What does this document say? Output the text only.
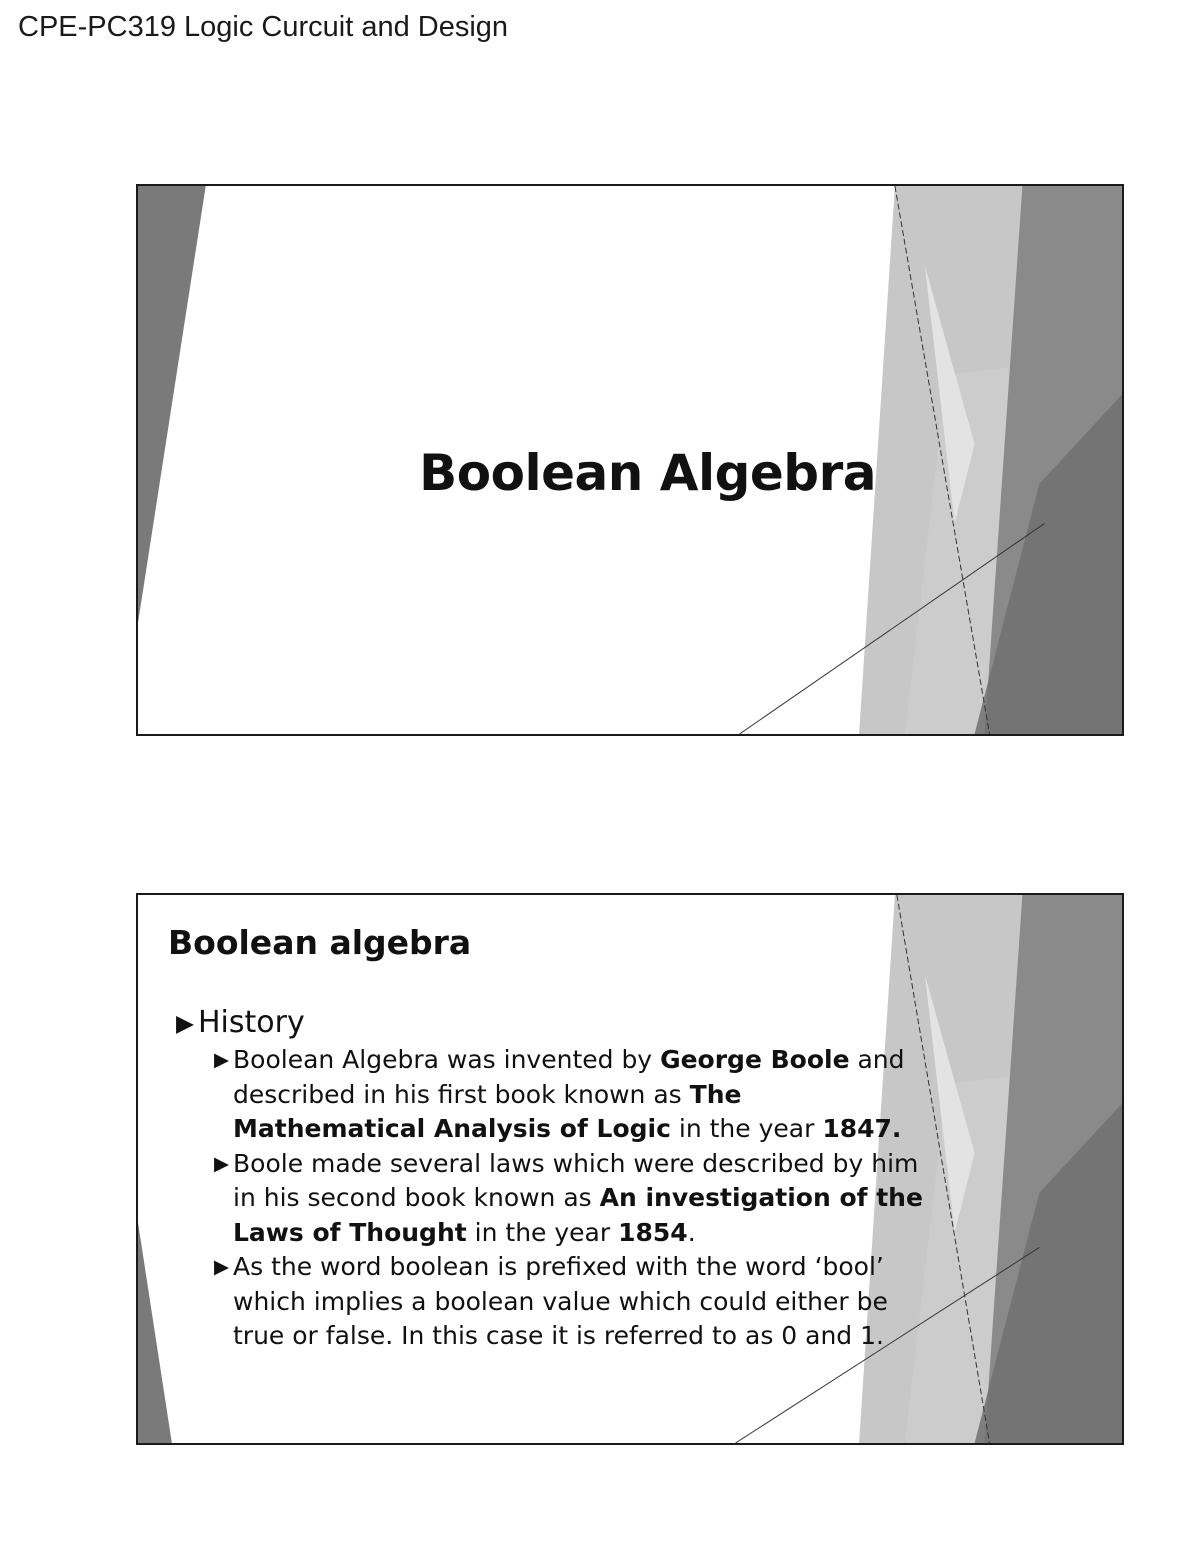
CPE-PC319 Logic Curcuit and Design
Boolean Algebra
Boolean algebra
▶ History
▶ Boolean Algebra was invented by George Boole and described in his first book known as The Mathematical Analysis of Logic in the year 1847.
▶ Boole made several laws which were described by him in his second book known as An investigation of the Laws of Thought in the year 1854.
▶ As the word boolean is prefixed with the word ‘bool’ which implies a boolean value which could either be true or false. In this case it is referred to as 0 and 1.
